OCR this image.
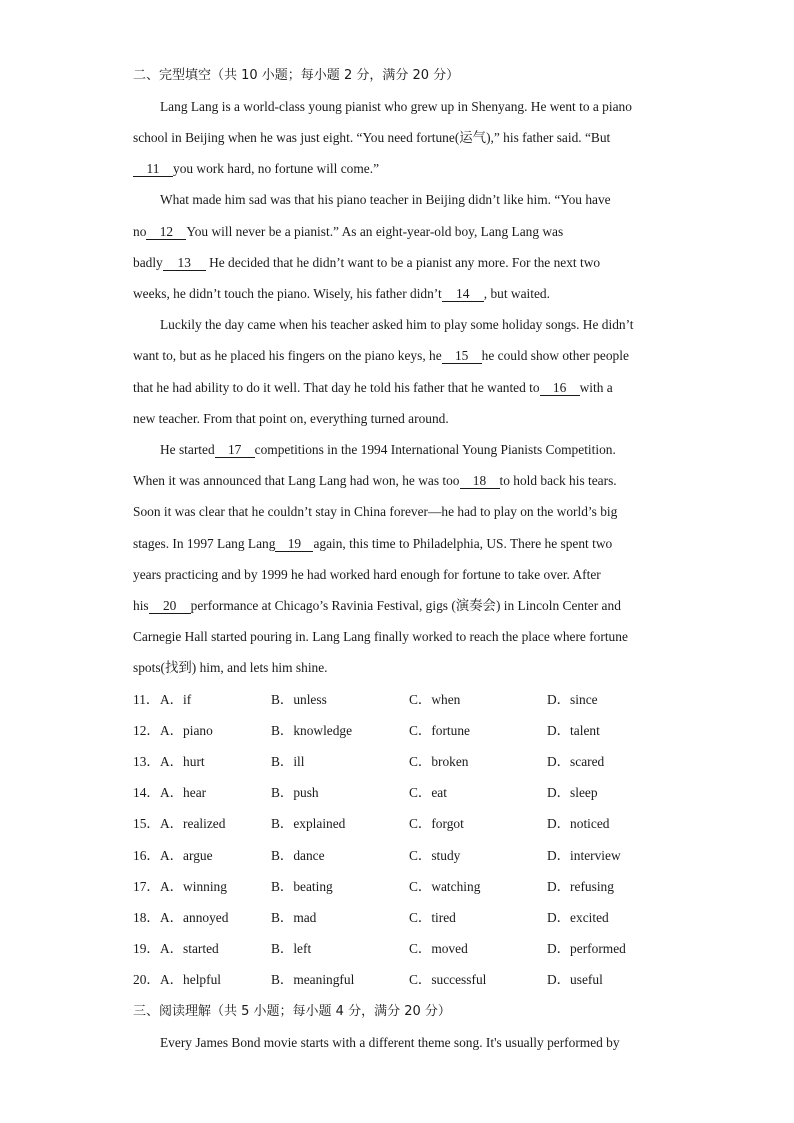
二、完型填空（共 10 小题；每小题 2 分，满分 20 分）
Lang Lang is a world-class young pianist who grew up in Shenyang. He went to a piano
school in Beijing when he was just eight. “You need fortune(运气),” his father said. “But
11 you work hard, no fortune will come.”
What made him sad was that his piano teacher in Beijing didn’t like him. “You have
no 12 You will never be a pianist.” As an eight-year-old boy, Lang Lang was
badly 13 He decided that he didn’t want to be a pianist any more. For the next two
weeks, he didn’t touch the piano. Wisely, his father didn’t 14 , but waited.
Luckily the day came when his teacher asked him to play some holiday songs. He didn’t
want to, but as he placed his fingers on the piano keys, he 15 he could show other people
that he had ability to do it well. That day he told his father that he wanted to 16 with a
new teacher. From that point on, everything turned around.
He started 17 competitions in the 1994 International Young Pianists Competition.
When it was announced that Lang Lang had won, he was too 18 to hold back his tears.
Soon it was clear that he couldn’t stay in China forever—he had to play on the world’s big
stages. In 1997 Lang Lang 19 again, this time to Philadelphia, US. There he spent two
years practicing and by 1999 he had worked hard enough for fortune to take over. After
his 20 performance at Chicago’s Ravinia Festival, gigs (演奏会) in Lincoln Center and
Carnegie Hall started pouring in. Lang Lang finally worked to reach the place where fortune
spots(找到) him, and lets him shine.
11． A．if	B．unless	C．when	D．since
12． A．piano	B．knowledge	C．fortune	D．talent
13． A．hurt	B．ill	C．broken	D．scared
14． A．hear	B．push	C．eat	D．sleep
15． A．realized	B．explained	C．forgot	D．noticed
16． A．argue	B．dance	C．study	D．interview
17． A．winning	B．beating	C．watching	D．refusing
18． A．annoyed	B．mad	C．tired	D．excited
19． A．started	B．left	C．moved	D．performed
20． A．helpful	B．meaningful	C．successful	D．useful
三、阅读理解（共 5 小题；每小题 4 分，满分 20 分）
Every James Bond movie starts with a different theme song. It's usually performed by
